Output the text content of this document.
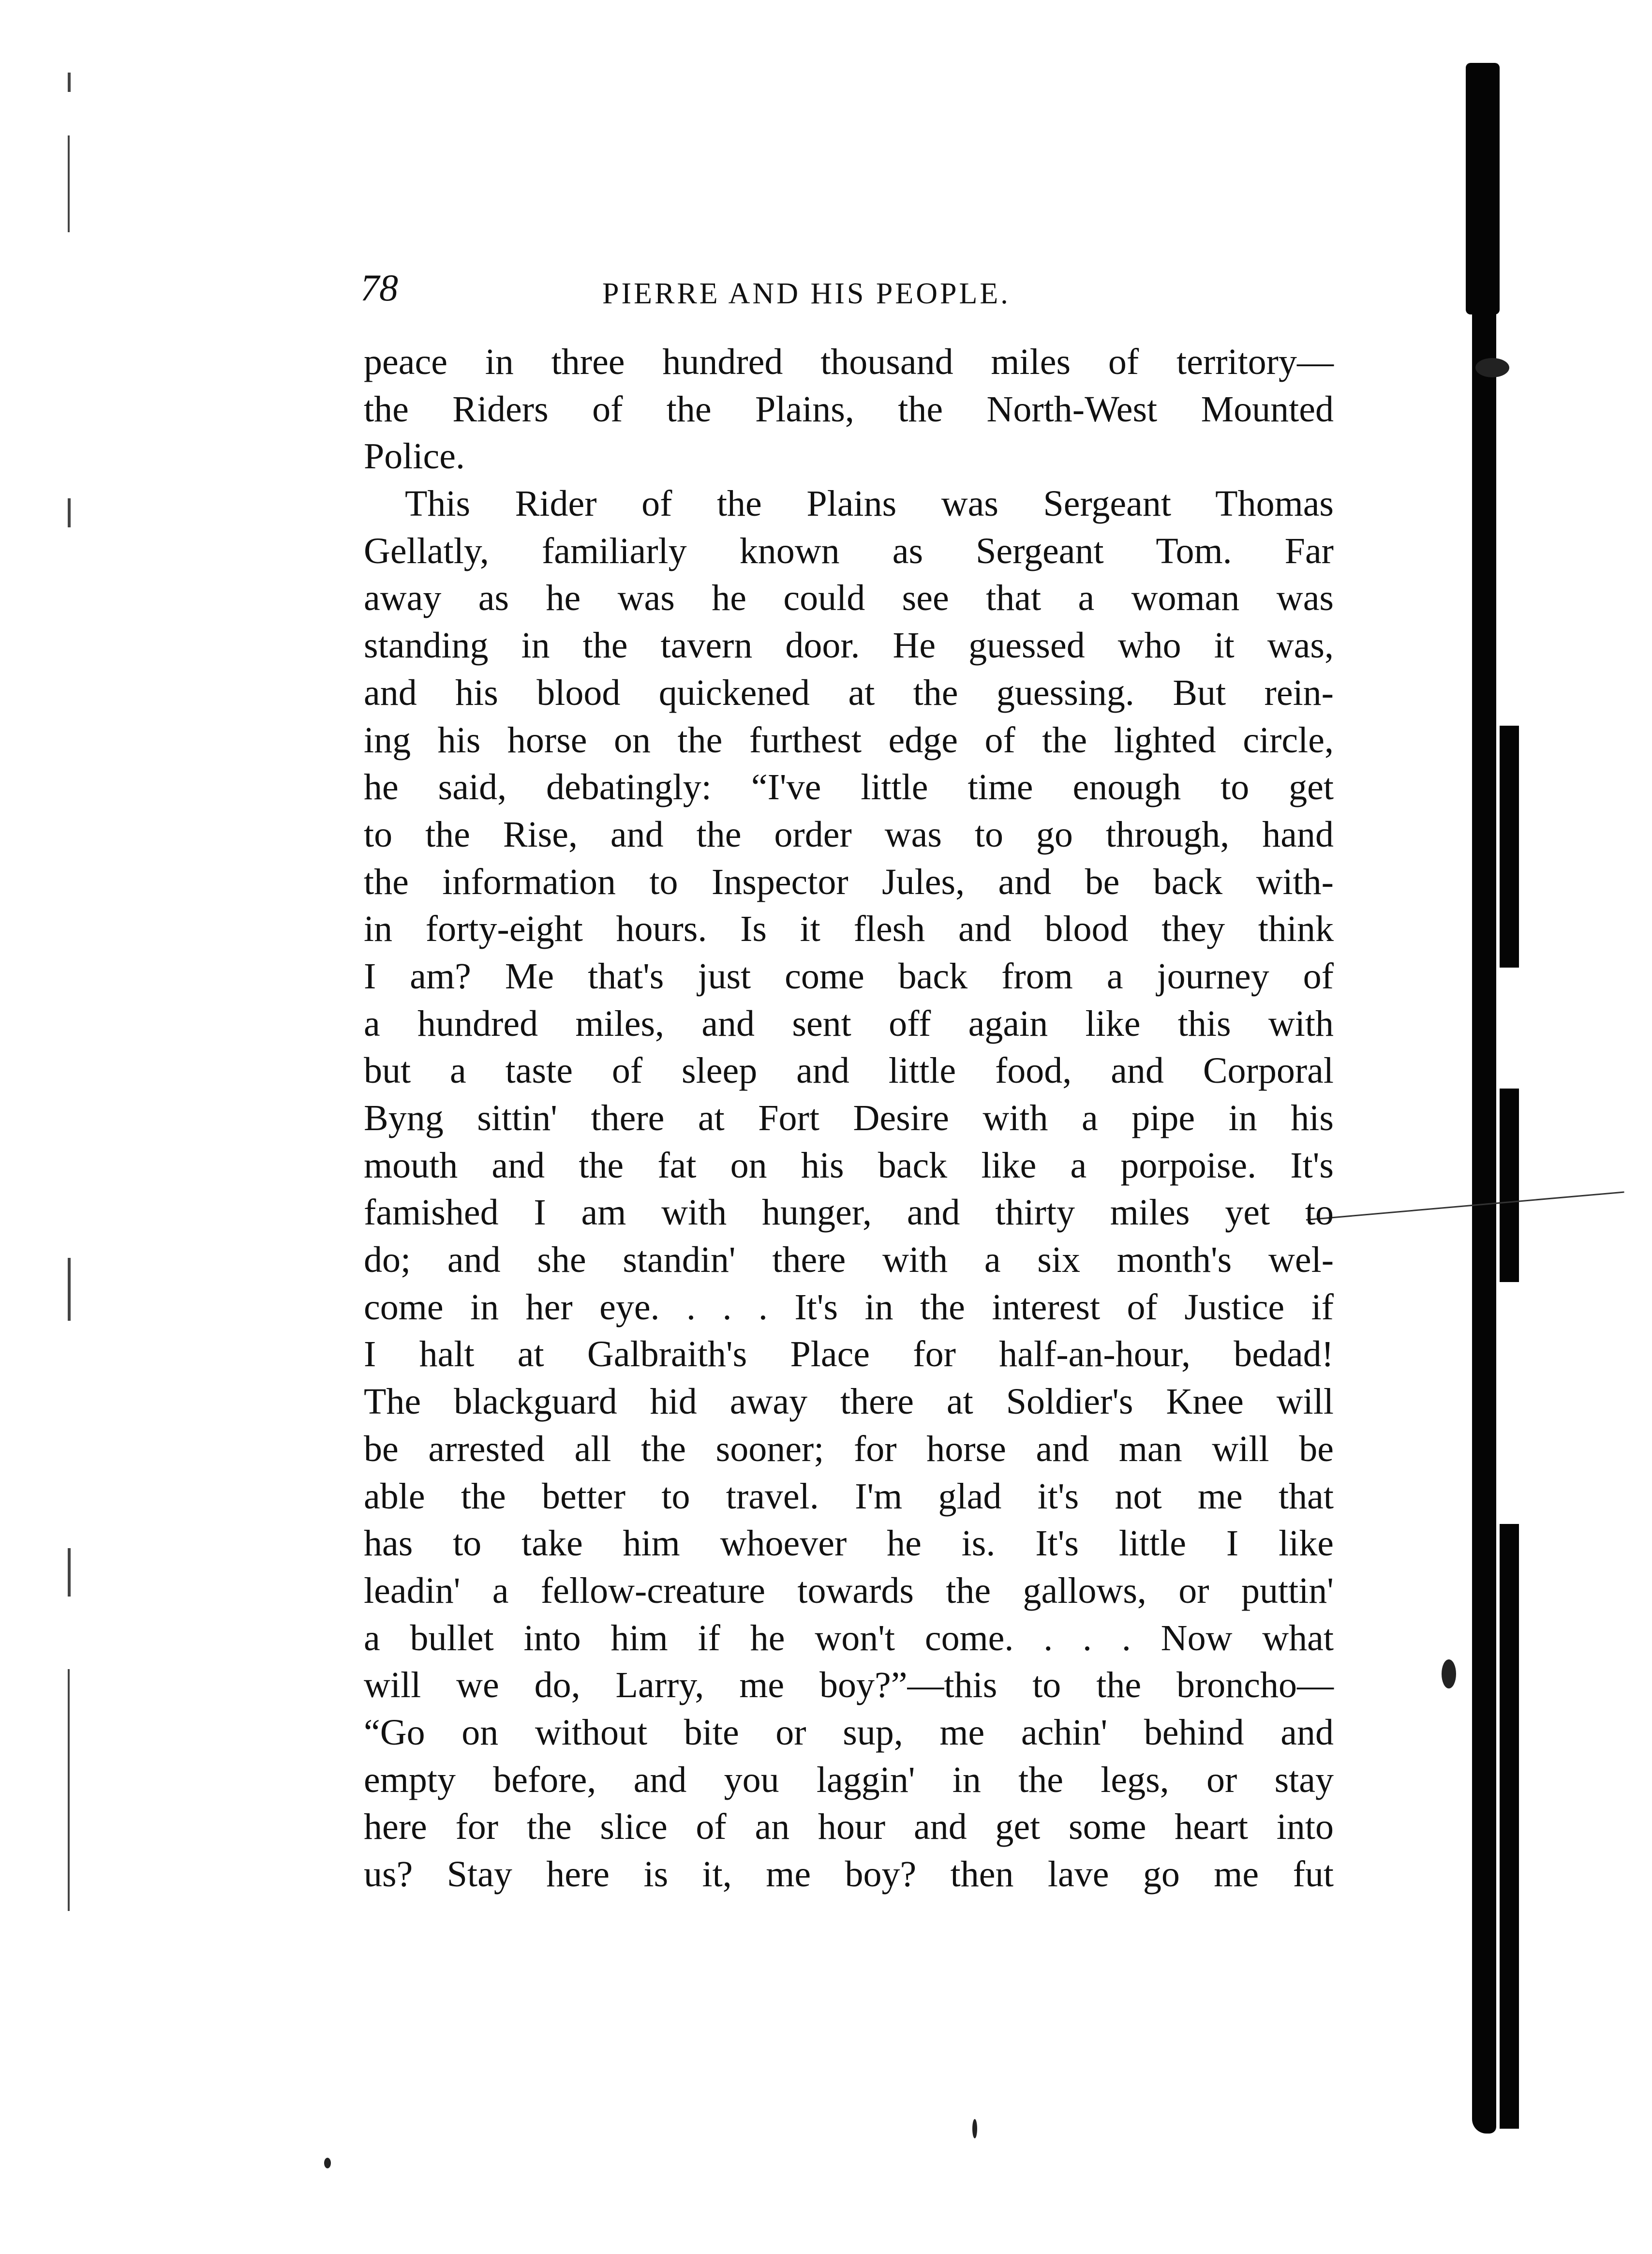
78	PIERRE AND HIS PEOPLE.
peace in three hundred thousand miles of territory—
the Riders of the Plains, the North-West Mounted
Police.
This Rider of the Plains was Sergeant Thomas
Gellatly, familiarly known as Sergeant Tom. Far
away as he was he could see that a woman was
standing in the tavern door. He guessed who it was,
and his blood quickened at the guessing. But rein-
ing his horse on the furthest edge of the lighted circle,
he said, debatingly: “I've little time enough to get
to the Rise, and the order was to go through, hand
the information to Inspector Jules, and be back with-
in forty-eight hours. Is it flesh and blood they think
I am? Me that's just come back from a journey of
a hundred miles, and sent off again like this with
but a taste of sleep and little food, and Corporal
Byng sittin' there at Fort Desire with a pipe in his
mouth and the fat on his back like a porpoise. It's
famished I am with hunger, and thirty miles yet to
do; and she standin' there with a six month's wel-
come in her eye. . . . It's in the interest of Justice if
I halt at Galbraith's Place for half-an-hour, bedad!
The blackguard hid away there at Soldier's Knee will
be arrested all the sooner; for horse and man will be
able the better to travel. I'm glad it's not me that
has to take him whoever he is. It's little I like
leadin' a fellow-creature towards the gallows, or puttin'
a bullet into him if he won't come. . . . Now what
will we do, Larry, me boy?”—this to the broncho—
“Go on without bite or sup, me achin' behind and
empty before, and you laggin' in the legs, or stay
here for the slice of an hour and get some heart into
us? Stay here is it, me boy? then lave go me fut
